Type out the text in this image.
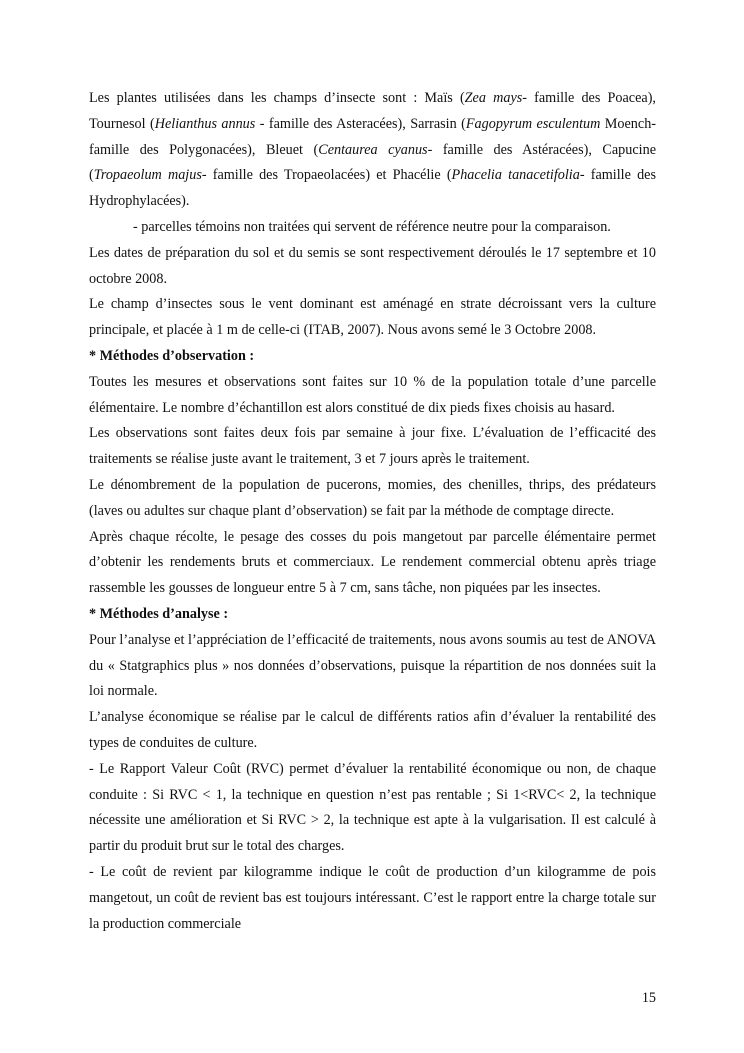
Les plantes utilisées dans les champs d’insecte sont : Maïs (Zea mays- famille des Poacea), Tournesol (Helianthus annus - famille des Asteracées), Sarrasin (Fagopyrum esculentum Moench- famille des Polygonacées), Bleuet (Centaurea cyanus- famille des Astéracées), Capucine (Tropaeolum majus- famille des Tropaeolacées) et Phacélie (Phacelia tanacetifolia- famille des Hydrophylacées).

- parcelles témoins non traitées qui servent de référence neutre pour la comparaison.

Les dates de préparation du sol et du semis se sont respectivement déroulés le 17 septembre et 10 octobre 2008.

Le champ d’insectes sous le vent dominant est aménagé en strate décroissant vers la culture principale, et placée à 1 m de celle-ci (ITAB, 2007). Nous avons semé le 3 Octobre 2008.

* Méthodes d’observation :

Toutes les mesures et observations sont faites sur 10 % de la population totale d’une parcelle élémentaire. Le nombre d’échantillon est alors constitué de dix pieds fixes choisis au hasard.

Les observations sont faites deux fois par semaine à jour fixe. L’évaluation de l’efficacité des traitements se réalise juste avant le traitement, 3 et 7 jours après le traitement.

Le dénombrement de la population de pucerons, momies, des chenilles, thrips, des prédateurs (laves ou adultes sur chaque plant d’observation) se fait par la méthode de comptage directe.

Après chaque récolte, le pesage des cosses du pois mangetout par parcelle élémentaire permet d’obtenir les rendements bruts et commerciaux. Le rendement commercial obtenu après triage rassemble les gousses de longueur entre 5 à 7 cm, sans tâche, non piquées par les insectes.

* Méthodes d’analyse :

Pour l’analyse et l’appréciation de l’efficacité de traitements, nous avons soumis au test de ANOVA du « Statgraphics plus » nos données d’observations, puisque la répartition de nos données suit la loi normale.

L’analyse économique se réalise par le calcul de différents ratios afin d’évaluer la rentabilité des types de conduites de culture.

- Le Rapport Valeur Coût (RVC) permet d’évaluer la rentabilité économique ou non, de chaque conduite : Si RVC < 1, la technique en question n’est pas rentable ; Si 1<RVC< 2, la technique nécessite une amélioration et Si RVC > 2, la technique est apte à la vulgarisation. Il est calculé à partir du produit brut sur le total des charges.

- Le coût de revient par kilogramme indique le coût de production d’un kilogramme de pois mangetout, un coût de revient bas est toujours intéressant. C’est le rapport entre la charge totale sur la production commerciale

15
